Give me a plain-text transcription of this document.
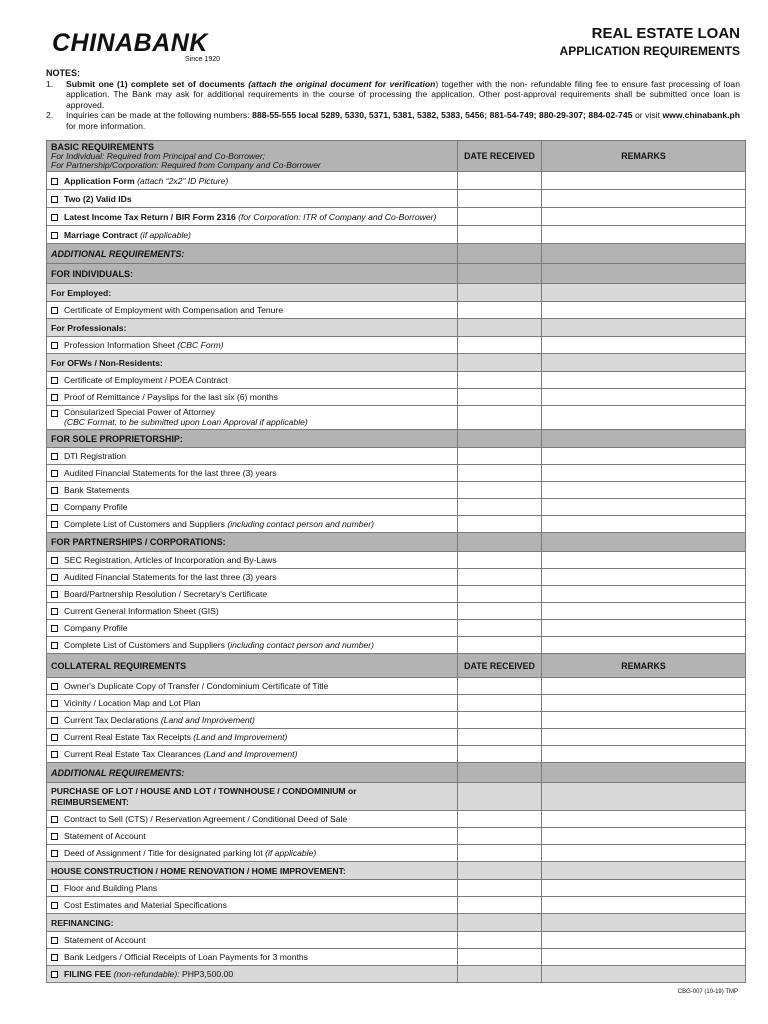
CHINABANK
Since 1920
REAL ESTATE LOAN
APPLICATION REQUIREMENTS
NOTES:
1.	Submit one (1) complete set of documents (attach the original document for verification) together with the non- refundable filing fee to ensure fast processing of loan application. The Bank may ask for additional requirements in the course of processing the application. Other post-approval requirements shall be submitted once loan is approved.
2.	Inquiries can be made at the following numbers: 888-55-555 local 5289, 5330, 5371, 5381, 5382, 5383, 5456; 881-54-749; 880-29-307; 884-02-745 or visit www.chinabank.ph for more information.
BASIC REQUIREMENTS
For Individual: Required from Principal and Co-Borrower;
For Partnership/Corporation: Required from Company and Co-Borrower	DATE RECEIVED	REMARKS
Application Form (attach “2x2” ID Picture)		
Two (2) Valid IDs		
Latest Income Tax Return / BIR Form 2316 (for Corporation: ITR of Company and Co-Borrower)		
Marriage Contract (if applicable)		
ADDITIONAL REQUIREMENTS:		
FOR INDIVIDUALS:		
For Employed:		
Certificate of Employment with Compensation and Tenure		
For Professionals:		
Profession Information Sheet (CBC Form)		
For OFWs / Non-Residents:		
Certificate of Employment / POEA Contract		
Proof of Remittance / Payslips for the last six (6) months		

Consularized Special Power of Attorney
(CBC Format, to be submitted upon Loan Approval if applicable)		

FOR SOLE PROPRIETORSHIP:		
DTI Registration		
Audited Financial Statements for the last three (3) years		
Bank Statements		
Company Profile		
Complete List of Customers and Suppliers (including contact person and number)		
FOR PARTNERSHIPS / CORPORATIONS:		
SEC Registration, Articles of Incorporation and By-Laws		
Audited Financial Statements for the last three (3) years		
Board/Partnership Resolution / Secretary's Certificate		
Current General Information Sheet (GIS)		
Company Profile		
Complete List of Customers and Suppliers (including contact person and number)		
COLLATERAL REQUIREMENTS	DATE RECEIVED	REMARKS
Owner's Duplicate Copy of Transfer / Condominium Certificate of Title		
Vicinity / Location Map and Lot Plan		
Current Tax Declarations (Land and Improvement)		
Current Real Estate Tax Receipts (Land and Improvement)		
Current Real Estate Tax Clearances (Land and Improvement)		
ADDITIONAL REQUIREMENTS:		
PURCHASE OF LOT / HOUSE AND LOT / TOWNHOUSE / CONDOMINIUM or
REIMBURSEMENT:		
Contract to Sell (CTS) / Reservation Agreement / Conditional Deed of Sale		
Statement of Account		
Deed of Assignment / Title for designated parking lot (if applicable)		
HOUSE CONSTRUCTION / HOME RENOVATION / HOME IMPROVEMENT:		
Floor and Building Plans		
Cost Estimates and Material Specifications		
REFINANCING:		
Statement of Account		
Bank Ledgers / Official Receipts of Loan Payments for 3 months		
FILING FEE (non-refundable): PHP3,500.00		
CBG-007 (10-19) TMP
